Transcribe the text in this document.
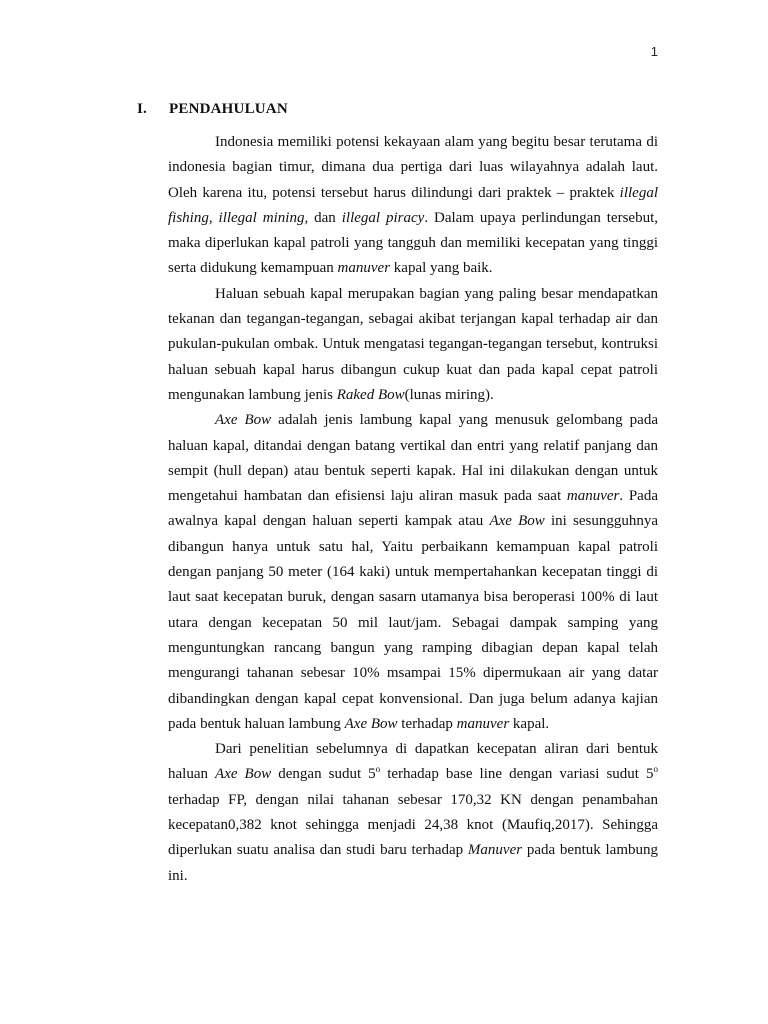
1
I. PENDAHULUAN

Indonesia memiliki potensi kekayaan alam yang begitu besar terutama di indonesia bagian timur, dimana dua pertiga dari luas wilayahnya adalah laut. Oleh karena itu, potensi tersebut harus dilindungi dari praktek – praktek illegal fishing, illegal mining, dan illegal piracy. Dalam upaya perlindungan tersebut, maka diperlukan kapal patroli yang tangguh dan memiliki kecepatan yang tinggi serta didukung kemampuan manuver kapal yang baik.

Haluan sebuah kapal merupakan bagian yang paling besar mendapatkan tekanan dan tegangan-tegangan, sebagai akibat terjangan kapal terhadap air dan pukulan-pukulan ombak. Untuk mengatasi tegangan-tegangan tersebut, kontruksi haluan sebuah kapal harus dibangun cukup kuat dan pada kapal cepat patroli mengunakan lambung jenis Raked Bow(lunas miring).

Axe Bow adalah jenis lambung kapal yang menusuk gelombang pada haluan kapal, ditandai dengan batang vertikal dan entri yang relatif panjang dan sempit (hull depan) atau bentuk seperti kapak. Hal ini dilakukan dengan untuk mengetahui hambatan dan efisiensi laju aliran masuk pada saat manuver. Pada awalnya kapal dengan haluan seperti kampak atau Axe Bow ini sesungguhnya dibangun hanya untuk satu hal, Yaitu perbaikann kemampuan kapal patroli dengan panjang 50 meter (164 kaki) untuk mempertahankan kecepatan tinggi di laut saat kecepatan buruk, dengan sasarn utamanya bisa beroperasi 100% di laut utara dengan kecepatan 50 mil laut/jam. Sebagai dampak samping yang menguntungkan rancang bangun yang ramping dibagian depan kapal telah mengurangi tahanan sebesar 10% msampai 15% dipermukaan air yang datar dibandingkan dengan kapal cepat konvensional. Dan juga belum adanya kajian pada bentuk haluan lambung Axe Bow terhadap manuver kapal.

Dari penelitian sebelumnya di dapatkan kecepatan aliran dari bentuk haluan Axe Bow dengan sudut 5$^o$ terhadap base line dengan variasi sudut 5$^o$ terhadap FP, dengan nilai tahanan sebesar 170,32 KN dengan penambahan kecepatan0,382 knot sehingga menjadi 24,38 knot (Maufiq,2017). Sehingga diperlukan suatu analisa dan studi baru terhadap Manuver pada bentuk lambung ini.
